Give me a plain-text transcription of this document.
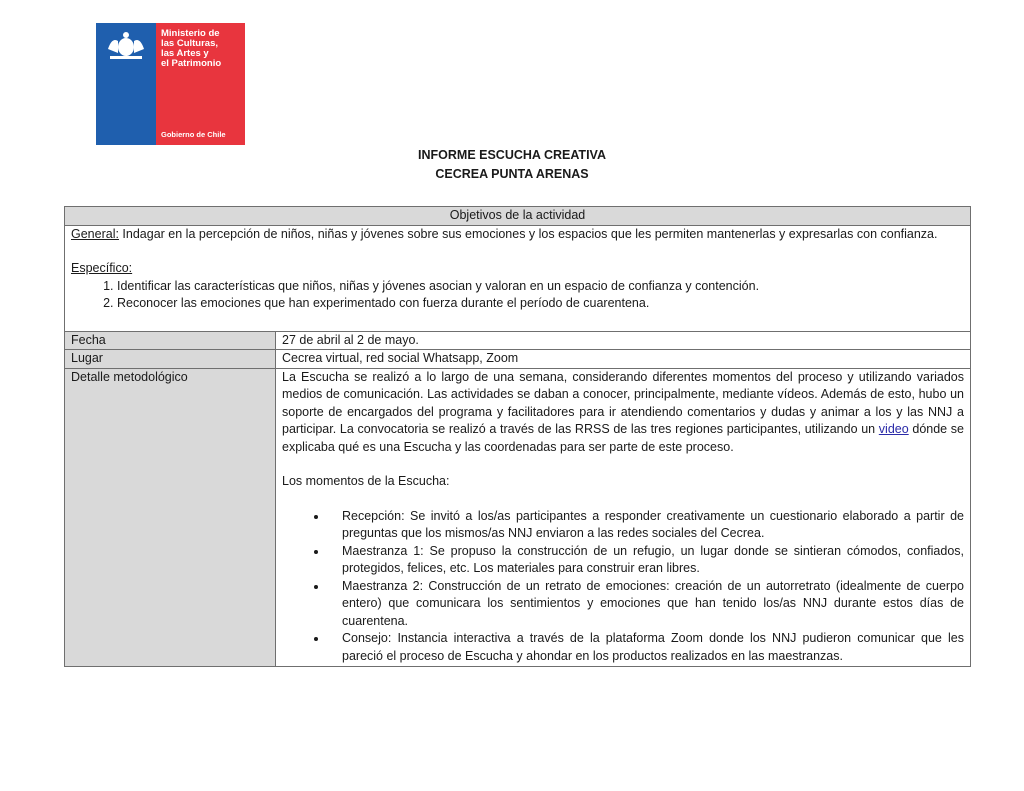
Ministerio de
las Culturas,
las Artes y
el Patrimonio
Gobierno de Chile
INFORME ESCUCHA CREATIVA
CECREA PUNTA ARENAS
Objetivos de la actividad	

General: Indagar en la percepción de niños, niñas y jóvenes sobre sus emociones y los espacios que les permiten mantenerlas y expresarlas con confianza.

Específico:

1. Identificar las características que niños, niñas y jóvenes asocian y valoran en un espacio de confianza y contención.
2. Reconocer las emociones que han experimentado con fuerza durante el período de cuarentena.

Fecha	27 de abril al 2 de mayo.
Lugar	Cecrea virtual, red social Whatsapp, Zoom
Detalle metodológico	La Escucha se realizó a lo largo de una semana, considerando diferentes momentos del proceso y utilizando variados medios de comunicación. Las actividades se daban a conocer, principalmente, mediante vídeos. Además de esto, hubo un soporte de encargados del programa y facilitadores para ir atendiendo comentarios y dudas y animar a los y las NNJ a participar. La convocatoria se realizó a través de las RRSS de las tres regiones participantes, utilizando un video dónde se explicaba qué es una Escucha y las coordenadas para ser parte de este proceso.

Los momentos de la Escucha:

• Recepción: Se invitó a los/as participantes a responder creativamente un cuestionario elaborado a partir de preguntas que los mismos/as NNJ enviaron a las redes sociales del Cecrea.
• Maestranza 1: Se propuso la construcción de un refugio, un lugar donde se sintieran cómodos, confiados, protegidos, felices, etc. Los materiales para construir eran libres.
• Maestranza 2: Construcción de un retrato de emociones: creación de un autorretrato (idealmente de cuerpo entero) que comunicara los sentimientos y emociones que han tenido los/as NNJ durante estos días de cuarentena.
• Consejo: Instancia interactiva a través de la plataforma Zoom donde los NNJ pudieron comunicar que les pareció el proceso de Escucha y ahondar en los productos realizados en las maestranzas.
